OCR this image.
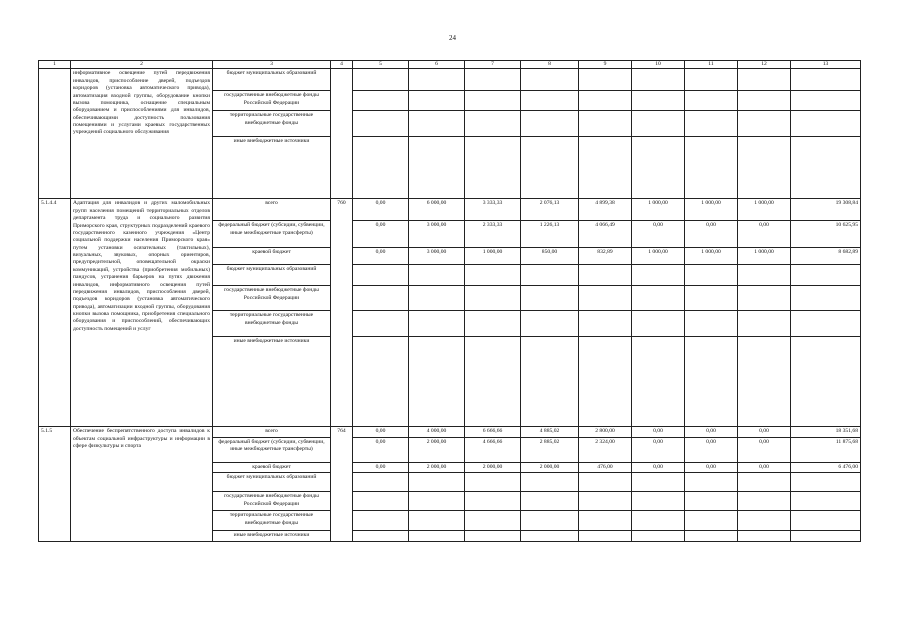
24
1	2	3	4	5	6	7	8	9	10	11	12	13
	информативное освещение путей передвижения инвалидов, приспособление дверей, подъездов коридоров (установка автоматического привода), автоматизация входной группы, оборудование кнопки вызова помощника, оснащение специальным оборудованием и приспособлениями для инвалидов, обеспечивающими доступность пользования помещениями и услугами краевых государственных учреждений социального обслуживания	бюджет муниципальных образований										
		государственные внебюджетные фонды Российской Федерации										
		территориальные государственные внебюджетные фонды										
		иные внебюджетные источники										
5.1.4.4	Адаптация для инвалидов и других маломобильных групп населения помещений территориальных отделов департамента труда и социального развития Приморского края, структурных подразделений краевого государственного казенного учреждения «Центр социальной поддержки населения Приморского края» путем установки осязательных (тактильных), визуальных, звуковых, опорных ориентиров, предупредительной, оповещательной окраски коммуникаций, устройства (приобретения мобильных) пандусов, устранения барьеров на путях движения инвалидов, информативного освещения путей передвижения инвалидов, приспособления дверей, подъездов коридоров (установка автоматического привода), автоматизации входной группы, оборудования кнопки вызова помощника, приобретения специального оборудования и приспособлений, обеспечивающих доступность помещений и услуг	всего	760	0,00	6 000,00	3 333,33	2 076,13	4 899,38	1 000,00	1 000,00	1 000,00	19 308,84
		федеральный бюджет (субсидии, субвенции, иные межбюджетные трансферты)		0,00	3 000,00	2 333,33	1 226,13	4 066,49	0,00	0,00	0,00	10 625,95
		краевой бюджет		0,00	3 000,00	1 000,00	850,00	832,89	1 000,00	1 000,00	1 000,00	8 682,89
		бюджет муниципальных образований										
		государственные внебюджетные фонды Российской Федерации										
		территориальные государственные внебюджетные фонды										
		иные внебюджетные источники										
5.1.5	Обеспечение беспрепятственного доступа инвалидов к объектам социальной инфраструктуры и информации в сфере физкультуры и спорта	всего	764	0,00	4 000,00	6 666,66	4 885,02	2 800,00	0,00	0,00	0,00	18 351,68
		федеральный бюджет (субсидии, субвенции, иные межбюджетные трансферты)		0,00	2 000,00	4 666,66	2 885,02	2 324,00	0,00	0,00	0,00	11 875,68
		краевой бюджет		0,00	2 000,00	2 000,00	2 000,00	476,00	0,00	0,00	0,00	6 476,00
		бюджет муниципальных образований										
		государственные внебюджетные фонды Российской Федерации										
		территориальные государственные внебюджетные фонды										
		иные внебюджетные источники										
